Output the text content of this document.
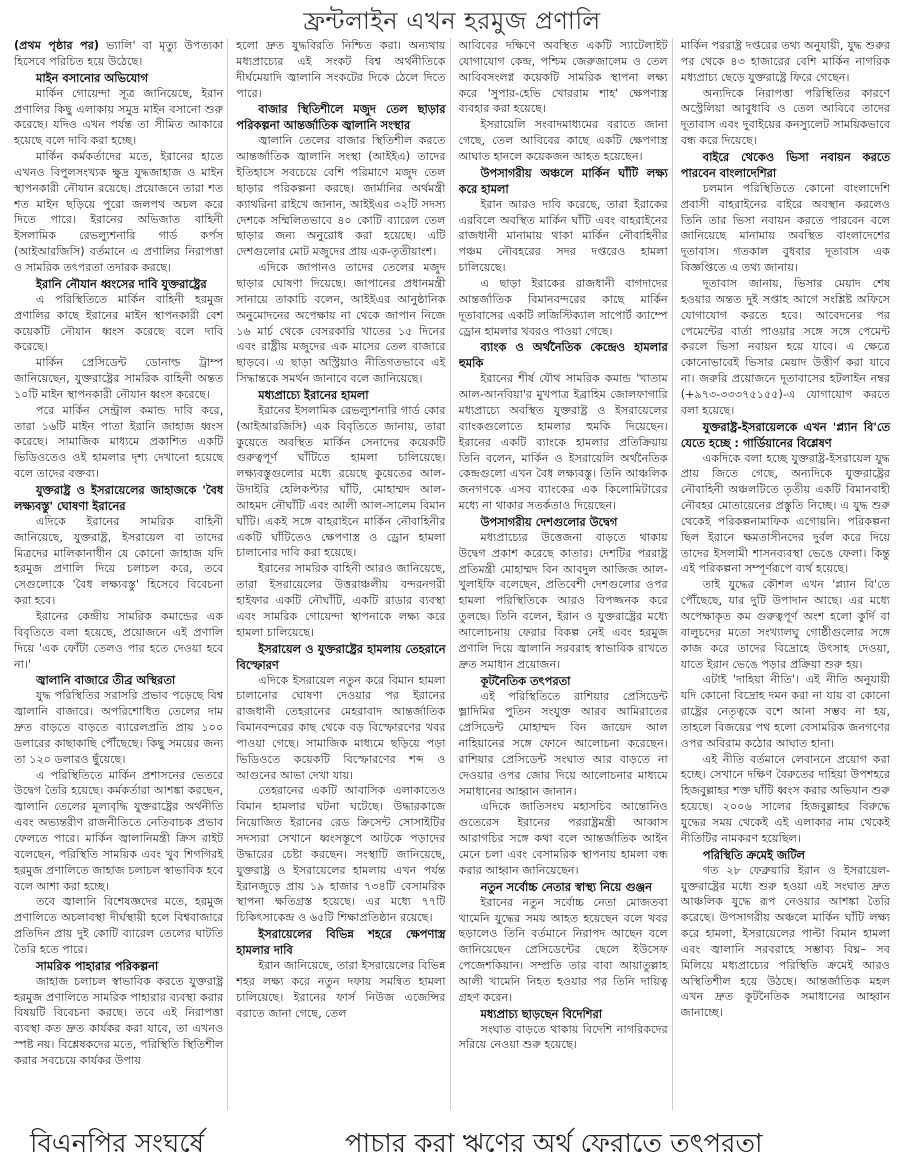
ফ্রন্টলাইন এখন হরমুজ প্রণালি

(প্রথম পৃষ্ঠার পর) ভ্যালি' বা মৃত্যু উপত্যকা হিসেবে পরিচিত হয়ে উঠেছে।

মাইন বসানোর অভিযোগ

মার্কিন গোয়েন্দা সূত্র জানিয়েছে, ইরান প্রণালির কিছু এলাকায় সমুদ্র মাইন বসানো শুরু করেছে। যদিও এখন পর্যন্ত তা সীমিত আকারে হয়েছে বলে দাবি করা হচ্ছে।

মার্কিন কর্মকর্তাদের মতে, ইরানের হাতে এখনও বিপুলসংখ্যক ক্ষুদ্র যুদ্ধজাহাজ ও মাইন স্থাপনকারী নৌযান রয়েছে। প্রয়োজনে তারা শত শত মাইন ছড়িয়ে পুরো জলপথ অচল করে দিতে পারে। ইরানের অভিজাত বাহিনী ইসলামিক রেভল্যুশনারি গার্ড কর্পস (আইআরজিসি) বর্তমানে এ প্রণালির নিরাপত্তা ও সামরিক তৎপরতা তদারক করছে।

ইরানি নৌযান ধ্বংসের দাবি যুক্তরাষ্ট্রের

এ পরিস্থিতিতে মার্কিন বাহিনী হরমুজ প্রণালির কাছে ইরানের মাইন স্থাপনকারী বেশ কয়েকটি নৌযান ধ্বংস করেছে বলে দাবি করেছে।

মার্কিন প্রেসিডেন্ট ডোনাল্ড ট্রাম্প জানিয়েছেন, যুক্তরাষ্ট্রের সামরিক বাহিনী অন্তত ১০টি মাইন স্থাপনকারী নৌযান ধ্বংস করেছে।

পরে মার্কিন সেন্ট্রাল কমান্ড দাবি করে, তারা ১৬টি মাইন পাতা ইরানি জাহাজ ধ্বংস করেছে। সামাজিক মাধ্যমে প্রকাশিত একটি ভিডিওতেও ওই হামলার দৃশ্য দেখানো হয়েছে বলে তাদের বক্তব্য।

যুক্তরাষ্ট্র ও ইসরায়েলের জাহাজকে 'বৈধ লক্ষ্যবস্তু' ঘোষণা ইরানের

এদিকে ইরানের সামরিক বাহিনী জানিয়েছে, যুক্তরাষ্ট্র, ইসরায়েল বা তাদের মিত্রদের মালিকানাধীন যে কোনো জাহাজ যদি হরমুজ প্রণালি দিয়ে চলাচল করে, তবে সেগুলোকে 'বৈধ লক্ষ্যবস্তু' হিসেবে বিবেচনা করা হবে।

ইরানের কেন্দ্রীয় সামরিক কমান্ডের এক বিবৃতিতে বলা হয়েছে, প্রয়োজনে এই প্রণালি দিয়ে 'এক ফোঁটা তেলও পার হতে দেওয়া হবে না।'

জ্বালানি বাজারে তীব্র অস্থিরতা

যুদ্ধ পরিস্থিতির সরাসরি প্রভাব পড়েছে বিশ্ব জ্বালানি বাজারে। অপরিশোধিত তেলের দাম দ্রুত বাড়তে বাড়তে ব্যারেলপ্রতি প্রায় ১০০ ডলারের কাছাকাছি পৌঁছেছে। কিছু সময়ের জন্য তা ১২০ ডলারও ছুঁয়েছে।

এ পরিস্থিতিতে মার্কিন প্রশাসনের ভেতরে উদ্বেগ তৈরি হয়েছে। কর্মকর্তারা আশঙ্কা করছেন, জ্বালানি তেলের মূল্যবৃদ্ধি যুক্তরাষ্ট্রের অর্থনীতি এবং অভ্যন্তরীণ রাজনীতিতে নেতিবাচক প্রভাব ফেলতে পারে। মার্কিন জ্বালানিমন্ত্রী ক্রিস রাইট বলেছেন, পরিস্থিতি সাময়িক এবং খুব শিগগিরই হরমুজ প্রণালিতে জাহাজ চলাচল স্বাভাবিক হবে বলে আশা করা হচ্ছে।

তবে জ্বালানি বিশেষজ্ঞদের মতে, হরমুজ প্রণালিতে অচলাবস্থা দীর্ঘস্থায়ী হলে বিশ্ববাজারে প্রতিদিন প্রায় দুই কোটি ব্যারেল তেলের ঘাটতি তৈরি হতে পারে।

সামরিক পাহারার পরিকল্পনা

জাহাজ চলাচল স্বাভাবিক করতে যুক্তরাষ্ট্র হরমুজ প্রণালিতে সামরিক পাহারার ব্যবস্থা করার বিষয়টি বিবেচনা করছে। তবে এই নিরাপত্তা ব্যবস্থা কত দ্রুত কার্যকর করা যাবে, তা এখনও স্পষ্ট নয়। বিশ্লেষকদের মতে, পরিস্থিতি স্থিতিশীল করার সবচেয়ে কার্যকর উপায়

হলো দ্রুত যুদ্ধবিরতি নিশ্চিত করা। অন্যথায় মধ্যপ্রাচ্যের এই সংকট বিশ্ব অর্থনীতিকে দীর্ঘমেয়াদি জ্বালানি সংকটের দিকে ঠেলে দিতে পারে।

বাজার স্থিতিশীলে মজুদ তেল ছাড়ার পরিকল্পনা আন্তর্জাতিক জ্বালানি সংস্থার

জ্বালানি তেলের বাজার স্থিতিশীল করতে আন্তর্জাতিক জ্বালানি সংস্থা (আইইএ) তাদের ইতিহাসে সবচেয়ে বেশি পরিমাণে মজুদ তেল ছাড়ার পরিকল্পনা করছে। জার্মানির অর্থমন্ত্রী ক্যাথরিনা রাইখে জানান, আইইএর ৩২টি সদস্য দেশকে সম্মিলিতভাবে ৪০ কোটি ব্যারেল তেল ছাড়ার জন্য অনুরোধ করা হয়েছে। এটি দেশগুলোর মোট মজুদের প্রায় এক-তৃতীয়াংশ।

এদিকে জাপানও তাদের তেলের মজুদ ছাড়ার ঘোষণা দিয়েছে। জাপানের প্রধানমন্ত্রী সানায়ে তাকাচি বলেন, আইইএর আনুষ্ঠানিক অনুমোদনের অপেক্ষায় না থেকে জাপান নিজে ১৬ মার্চ থেকে বেসরকারি খাতের ১৫ দিনের এবং রাষ্ট্রীয় মজুদের এক মাসের তেল বাজারে ছাড়বে। এ ছাড়া অস্ট্রিয়াও নীতিগতভাবে এই সিদ্ধান্তকে সমর্থন জানাবে বলে জানিয়েছে।

মধ্যপ্রাচ্যে ইরানের হামলা

ইরানের ইসলামিক রেভল্যুশনারি গার্ড কোর (আইআরজিসি) এক বিবৃতিতে জানায়, তারা কুয়েতে অবস্থিত মার্কিন সেনাদের কয়েকটি গুরুত্বপূর্ণ ঘাঁটিতে হামলা চালিয়েছে। লক্ষ্যবস্তুগুলোর মধ্যে রয়েছে কুয়েতের আল-উদাইরি হেলিকপ্টার ঘাঁটি, মোহাম্মদ আল-আহমদ নৌঘাঁটি এবং আলী আল-সালেম বিমান ঘাঁটি। একই সঙ্গে বাহরাইনে মার্কিন নৌবাহিনীর একটি ঘাঁটিতেও ক্ষেপণাস্ত্র ও ড্রোন হামলা চালানোর দাবি করা হয়েছে।

ইরানের সামরিক বাহিনী আরও জানিয়েছে, তারা ইসরায়েলের উত্তরাঞ্চলীয় বন্দরনগরী হাইফার একটি নৌঘাঁটি, একটি রাডার ব্যবস্থা এবং সামরিক গোয়েন্দা স্থাপনাকে লক্ষ্য করে হামলা চালিয়েছে।

ইসরায়েল ও যুক্তরাষ্ট্রের হামলায় তেহরানে বিস্ফোরণ

এদিকে ইসরায়েল নতুন করে বিমান হামলা চালানোর ঘোষণা দেওয়ার পর ইরানের রাজধানী তেহরানের মেহরাবাদ আন্তর্জাতিক বিমানবন্দরের কাছ থেকে বড় বিস্ফোরণের খবর পাওয়া গেছে। সামাজিক মাধ্যমে ছড়িয়ে পড়া ভিডিওতে কয়েকটি বিস্ফোরণের শব্দ ও আগুনের আভা দেখা যায়।

তেহরানের একটি আবাসিক এলাকাতেও বিমান হামলার ঘটনা ঘটেছে। উদ্ধারকাজে নিয়োজিত ইরানের রেড ক্রিসেন্ট সোসাইটির সদস্যরা সেখানে ধ্বংসস্তূপে আটকে পড়াদের উদ্ধারের চেষ্টা করছেন। সংস্থাটি জানিয়েছে, যুক্তরাষ্ট্র ও ইসরায়েলের হামলায় এখন পর্যন্ত ইরানজুড়ে প্রায় ১৯ হাজার ৭৩৪টি বেসামরিক স্থাপনা ক্ষতিগ্রস্ত হয়েছে। এর মধ্যে ৭৭টি চিকিৎসাকেন্দ্র ও ৬৫টি শিক্ষাপ্রতিষ্ঠান রয়েছে।

ইসরায়েলের বিভিন্ন শহরে ক্ষেপণাস্ত্র হামলার দাবি

ইরান জানিয়েছে, তারা ইসরায়েলের বিভিন্ন শহর লক্ষ্য করে নতুন দফায় সমন্বিত হামলা চালিয়েছে। ইরানের ফার্স নিউজ এজেন্সির বরাতে জানা গেছে, তেল

আবিবের দক্ষিণে অবস্থিত একটি স্যাটেলাইট যোগাযোগ কেন্দ্র, পশ্চিম জেরুজালেম ও তেল আবিবসংলগ্ন কয়েকটি সামরিক স্থাপনা লক্ষ্য করে 'সুপার-হেভি খোররাম শাহ' ক্ষেপণাস্ত্র ব্যবহার করা হয়েছে।

ইসরায়েলি সংবাদমাধ্যমের বরাতে জানা গেছে, তেল আবিবের কাছে একটি ক্ষেপণাস্ত্র আঘাত হানলে কয়েকজন আহত হয়েছেন।

উপসাগরীয় অঞ্চলে মার্কিন ঘাঁটি লক্ষ্য করে হামলা

ইরান আরও দাবি করেছে, তারা ইরাকের এরবিলে অবস্থিত মার্কিন ঘাঁটি এবং বাহরাইনের রাজধানী মানামায় থাকা মার্কিন নৌবাহিনীর পঞ্চম নৌবহরের সদর দপ্তরেও হামলা চালিয়েছে।

এ ছাড়া ইরাকের রাজধানী বাগদাদের আন্তর্জাতিক বিমানবন্দরের কাছে মার্কিন দূতাবাসের একটি লজিস্টিক্যাল সাপোর্ট ক্যাম্পে ড্রোন হামলার খবরও পাওয়া গেছে।

ব্যাংক ও অর্থনৈতিক কেন্দ্রেও হামলার হুমকি

ইরানের শীর্ষ যৌথ সামরিক কমান্ড 'খাতাম আল-আনবিয়া'র মুখপাত্র ইব্রাহিম জোলফাগারি মধ্যপ্রাচ্যে অবস্থিত যুক্তরাষ্ট্র ও ইসরায়েলের ব্যাংকগুলোতে হামলার হুমকি দিয়েছেন। ইরানের একটি ব্যাংকে হামলার প্রতিক্রিয়ায় তিনি বলেন, মার্কিন ও ইসরায়েলি অর্থনৈতিক কেন্দ্রগুলো এখন বৈধ লক্ষ্যবস্তু। তিনি আঞ্চলিক জনগণকে এসব ব্যাংকের এক কিলোমিটারের মধ্যে না থাকার সতর্কতাও দিয়েছেন।

উপসাগরীয় দেশগুলোর উদ্বেগ

মধ্যপ্রাচ্যের উত্তেজনা বাড়তে থাকায় উদ্বেগ প্রকাশ করেছে কাতার। দেশটির পররাষ্ট্র প্রতিমন্ত্রী মোহাম্মদ বিন আবদুল আজিজ আল-খুলাইফি বলেছেন, প্রতিবেশী দেশগুলোর ওপর হামলা পরিস্থিতিকে আরও বিপজ্জনক করে তুলছে। তিনি বলেন, ইরান ও যুক্তরাষ্ট্রের মধ্যে আলোচনায় ফেরার বিকল্প নেই এবং হরমুজ প্রণালি দিয়ে জ্বালানি সরবরাহ স্বাভাবিক রাখতে দ্রুত সমাধান প্রয়োজন।

কূটনৈতিক তৎপরতা

এই পরিস্থিতিতে রাশিয়ার প্রেসিডেন্ট ভ্লাদিমির পুতিন সংযুক্ত আরব আমিরাতের প্রেসিডেন্ট মোহাম্মদ বিন জায়েদ আল নাহিয়ানের সঙ্গে ফোনে আলোচনা করেছেন। রাশিয়ার প্রেসিডেন্ট সংঘাত আর বাড়তে না দেওয়ার ওপর জোর দিয়ে আলোচনার মাধ্যমে সমাধানের আহ্বান জানান।

এদিকে জাতিসংঘ মহাসচিব আন্তোনিও গুতেরেস ইরানের পররাষ্ট্রমন্ত্রী আব্বাস আরাগচির সঙ্গে কথা বলে আন্তর্জাতিক আইন মেনে চলা এবং বেসামরিক স্থাপনায় হামলা বন্ধ করার আহ্বান জানিয়েছেন।

নতুন সর্বোচ্চ নেতার স্বাস্থ্য নিয়ে গুঞ্জন

ইরানের নতুন সর্বোচ্চ নেতা মোজতবা খামেনি যুদ্ধের সময় আহত হয়েছেন বলে খবর ছড়ালেও তিনি বর্তমানে নিরাপদ আছেন বলে জানিয়েছেন প্রেসিডেন্টের ছেলে ইউসেফ পেজেশকিয়ান। সম্প্রতি তার বাবা আয়াতুল্লাহ আলী খামেনি নিহত হওয়ার পর তিনি দায়িত্ব গ্রহণ করেন।

মধ্যপ্রাচ্য ছাড়ছেন বিদেশিরা

সংঘাত বাড়তে থাকায় বিদেশি নাগরিকদের সরিয়ে নেওয়া শুরু হয়েছে।

মার্কিন পররাষ্ট্র দপ্তরের তথ্য অনুযায়ী, যুদ্ধ শুরুর পর থেকে ৪৩ হাজারের বেশি মার্কিন নাগরিক মধ্যপ্রাচ্য ছেড়ে যুক্তরাষ্ট্রে ফিরে গেছেন।

অন্যদিকে নিরাপত্তা পরিস্থিতির কারণে অস্ট্রেলিয়া আবুধাবি ও তেল আবিবে তাদের দূতাবাস এবং দুবাইয়ের কনস্যুলেট সাময়িকভাবে বন্ধ করে দিয়েছে।

বাইরে থেকেও ভিসা নবায়ন করতে পারবেন বাংলাদেশিরা

চলমান পরিস্থিতিতে কোনো বাংলাদেশি প্রবাসী বাহরাইনের বাইরে অবস্থান করলেও তিনি তার ভিসা নবায়ন করতে পারবেন বলে জানিয়েছে মানামায় অবস্থিত বাংলাদেশের দূতাবাস। গতকাল বুধবার দূতাবাস এক বিজ্ঞপ্তিতে এ তথ্য জানায়।

দূতাবাস জানায়, ভিসার মেয়াদ শেষ হওয়ার অন্তত দুই সপ্তাহ আগে সংশ্লিষ্ট অফিসে যোগাযোগ করতে হবে। আবেদনের পর পেমেন্টের বার্তা পাওয়ার সঙ্গে সঙ্গে পেমেন্ট করলে ভিসা নবায়ন হয়ে যাবে। এ ক্ষেত্রে কোনোভাবেই ভিসার মেয়াদ উত্তীর্ণ করা যাবে না। জরুরি প্রয়োজনে দূতাবাসের হটলাইন নম্বর (+৯৭৩-৩৩৩৭৫১৫৫)-এ যোগাযোগ করতে বলা হয়েছে।

যুক্তরাষ্ট্র-ইসরায়েলকে এখন 'প্ল্যান বি'তে যেতে হচ্ছে : গার্ডিয়ানের বিশ্লেষণ

একদিকে বলা হচ্ছে যুক্তরাষ্ট্র-ইসরায়েল যুদ্ধ প্রায় জিতে গেছে, অন্যদিকে যুক্তরাষ্ট্রের নৌবাহিনী অঞ্চলটিতে তৃতীয় একটি বিমানবাহী নৌবহর মোতায়েনের প্রস্তুতি নিচ্ছে। এ যুদ্ধ শুরু থেকেই পরিকল্পনামাফিক এগোয়নি। পরিকল্পনা ছিল ইরানে ক্ষমতাসীনদের দুর্বল করে দিয়ে তাদের ইসলামী শাসনব্যবস্থা ভেঙে ফেলা। কিন্তু এই পরিকল্পনা সম্পূর্ণরূপে ব্যর্থ হয়েছে।

তাই যুদ্ধের কৌশল এখন 'প্ল্যান বি'তে পৌঁছেছে, যার দুটি উপাদান আছে। এর মধ্যে অপেক্ষাকৃত কম গুরুত্বপূর্ণ অংশ হলো কুর্দি বা বালুচদের মতো সংখ্যালঘু গোষ্ঠীগুলোর সঙ্গে কাজ করে তাদের বিদ্রোহে উৎসাহ দেওয়া, যাতে ইরান ভেঙে পড়ার প্রক্রিয়া শুরু হয়।

এটাই 'দাহিয়া নীতি'। এই নীতি অনুযায়ী যদি কোনো বিদ্রোহ দমন করা না যায় বা কোনো রাষ্ট্রের নেতৃত্বকে বশে আনা সম্ভব না হয়, তাহলে বিজয়ের পথ হলো বেসামরিক জনগণের ওপর অবিরাম কঠোর আঘাত হানা।

এই নীতি বর্তমানে লেবাননে প্রয়োগ করা হচ্ছে। সেখানে দক্ষিণ বৈরুতের দাহিয়া উপশহরে হিজবুল্লাহর শক্ত ঘাঁটি ধ্বংস করার অভিযান শুরু হয়েছে। ২০০৬ সালের হিজবুল্লাহর বিরুদ্ধে যুদ্ধের সময় থেকেই এই এলাকার নাম থেকেই নীতিটির নামকরণ হয়েছিল।

পরিস্থিতি ক্রমেই জটিল

গত ২৮ ফেব্রুয়ারি ইরান ও ইসরায়েল-যুক্তরাষ্ট্রের মধ্যে শুরু হওয়া এই সংঘাত দ্রুত আঞ্চলিক যুদ্ধে রূপ নেওয়ার আশঙ্কা তৈরি করেছে। উপসাগরীয় অঞ্চলে মার্কিন ঘাঁটি লক্ষ্য করে হামলা, ইসরায়েলের পাল্টা বিমান হামলা এবং জ্বালানি সরবরাহে সম্ভাব্য বিঘ্ন– সব মিলিয়ে মধ্যপ্রাচ্যের পরিস্থিতি ক্রমেই আরও অস্থিতিশীল হয়ে উঠছে। আন্তর্জাতিক মহল এখন দ্রুত কূটনৈতিক সমাধানের আহ্বান জানাচ্ছে।

বিএনপির সংঘর্ষে	পাচার করা ঋণের অর্থ ফেরাতে তৎপরতা
